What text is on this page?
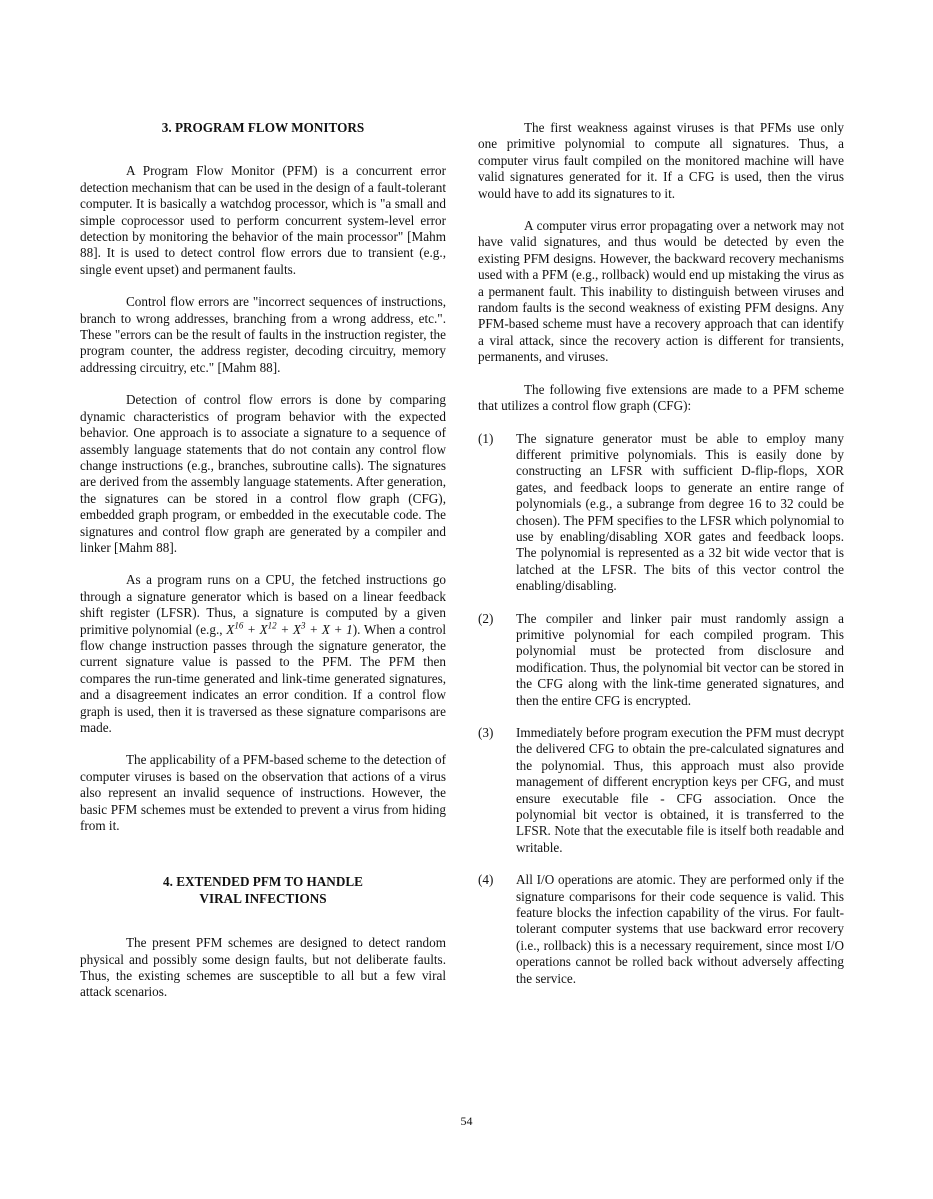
3. PROGRAM FLOW MONITORS

A Program Flow Monitor (PFM) is a concurrent error detection mechanism that can be used in the design of a fault-tolerant computer. It is basically a watchdog processor, which is "a small and simple coprocessor used to perform concurrent system-level error detection by monitoring the behavior of the main processor" [Mahm 88]. It is used to detect control flow errors due to transient (e.g., single event upset) and permanent faults.

Control flow errors are "incorrect sequences of instructions, branch to wrong addresses, branching from a wrong address, etc.". These "errors can be the result of faults in the instruction register, the program counter, the address register, decoding circuitry, memory addressing circuitry, etc." [Mahm 88].

Detection of control flow errors is done by comparing dynamic characteristics of program behavior with the expected behavior. One approach is to associate a signature to a sequence of assembly language statements that do not contain any control flow change instructions (e.g., branches, subroutine calls). The signatures are derived from the assembly language statements. After generation, the signatures can be stored in a control flow graph (CFG), embedded graph program, or embedded in the executable code. The signatures and control flow graph are generated by a compiler and linker [Mahm 88].

As a program runs on a CPU, the fetched instructions go through a signature generator which is based on a linear feedback shift register (LFSR). Thus, a signature is computed by a given primitive polynomial (e.g., $X^{16} + X^{12} + X^3 + X + 1$). When a control flow change instruction passes through the signature generator, the current signature value is passed to the PFM. The PFM then compares the run-time generated and link-time generated signatures, and a disagreement indicates an error condition. If a control flow graph is used, then it is traversed as these signature comparisons are made.

The applicability of a PFM-based scheme to the detection of computer viruses is based on the observation that actions of a virus also represent an invalid sequence of instructions. However, the basic PFM schemes must be extended to prevent a virus from hiding from it.

4. EXTENDED PFM TO HANDLE
VIRAL INFECTIONS

The present PFM schemes are designed to detect random physical and possibly some design faults, but not deliberate faults. Thus, the existing schemes are susceptible to all but a few viral attack scenarios.

The first weakness against viruses is that PFMs use only one primitive polynomial to compute all signatures. Thus, a computer virus fault compiled on the monitored machine will have valid signatures generated for it. If a CFG is used, then the virus would have to add its signatures to it.

A computer virus error propagating over a network may not have valid signatures, and thus would be detected by even the existing PFM designs. However, the backward recovery mechanisms used with a PFM (e.g., rollback) would end up mistaking the virus as a permanent fault. This inability to distinguish between viruses and random faults is the second weakness of existing PFM designs. Any PFM-based scheme must have a recovery approach that can identify a viral attack, since the recovery action is different for transients, permanents, and viruses.

The following five extensions are made to a PFM scheme that utilizes a control flow graph (CFG):

(1)	The signature generator must be able to employ many different primitive polynomials. This is easily done by constructing an LFSR with sufficient D-flip-flops, XOR gates, and feedback loops to generate an entire range of polynomials (e.g., a subrange from degree 16 to 32 could be chosen). The PFM specifies to the LFSR which polynomial to use by enabling/disabling XOR gates and feedback loops. The polynomial is represented as a 32 bit wide vector that is latched at the LFSR. The bits of this vector control the enabling/disabling.
(2)	The compiler and linker pair must randomly assign a primitive polynomial for each compiled program. This polynomial must be protected from disclosure and modification. Thus, the polynomial bit vector can be stored in the CFG along with the link-time generated signatures, and then the entire CFG is encrypted.
(3)	Immediately before program execution the PFM must decrypt the delivered CFG to obtain the pre-calculated signatures and the polynomial. Thus, this approach must also provide management of different encryption keys per CFG, and must ensure executable file - CFG association. Once the polynomial bit vector is obtained, it is transferred to the LFSR. Note that the executable file is itself both readable and writable.
(4)	All I/O operations are atomic. They are performed only if the signature comparisons for their code sequence is valid. This feature blocks the infection capability of the virus. For fault-tolerant computer systems that use backward error recovery (i.e., rollback) this is a necessary requirement, since most I/O operations cannot be rolled back without adversely affecting the service.
54
